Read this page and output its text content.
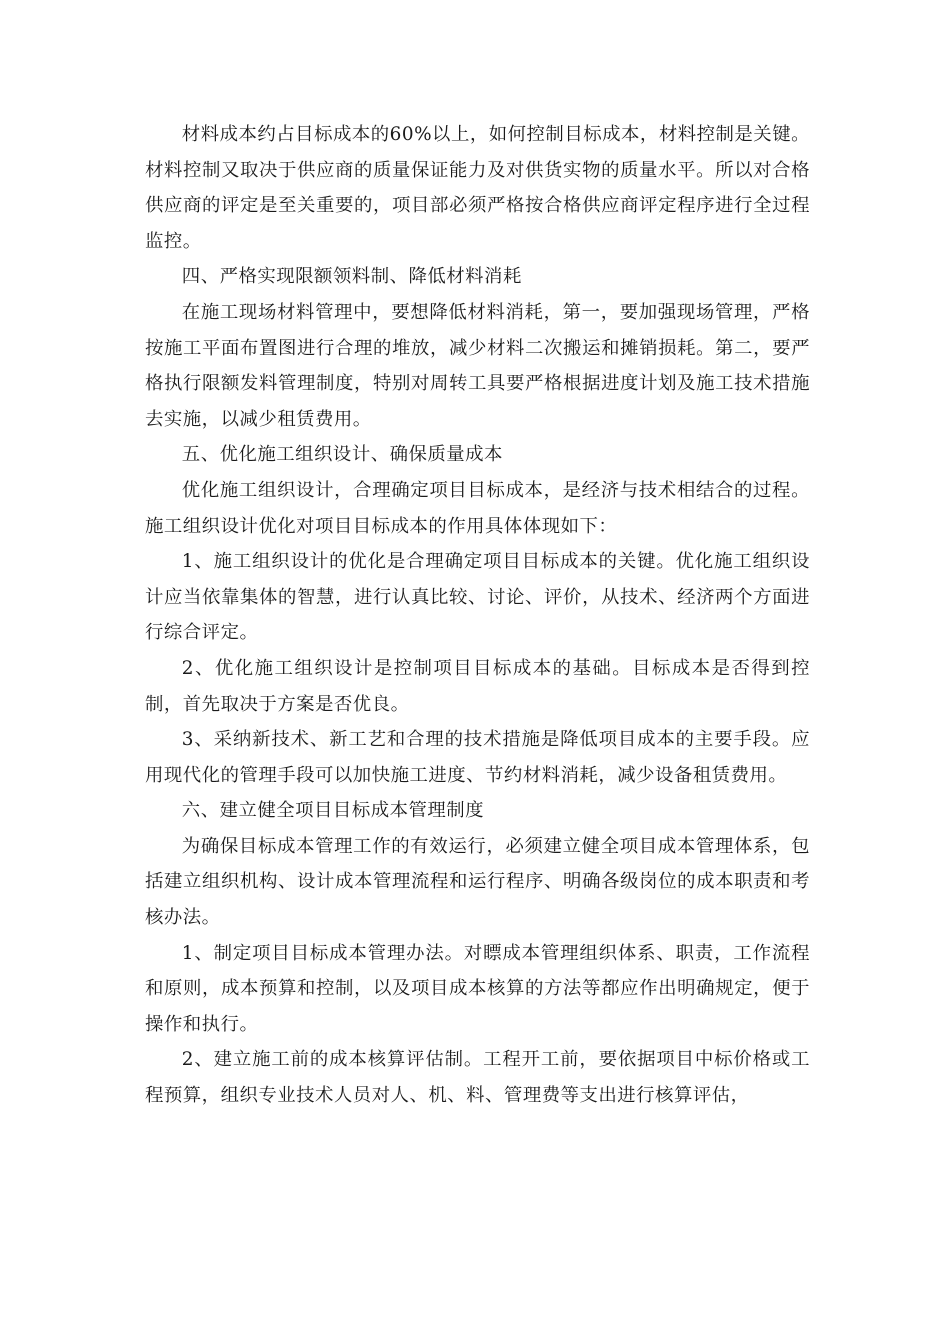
材料成本约占目标成本的60%以上，如何控制目标成本，材料控制是关键。材料控制又取决于供应商的质量保证能力及对供货实物的质量水平。所以对合格供应商的评定是至关重要的，项目部必须严格按合格供应商评定程序进行全过程监控。

四、严格实现限额领料制、降低材料消耗

在施工现场材料管理中，要想降低材料消耗，第一，要加强现场管理，严格按施工平面布置图进行合理的堆放，减少材料二次搬运和摊销损耗。第二，要严格执行限额发料管理制度，特别对周转工具要严格根据进度计划及施工技术措施去实施，以减少租赁费用。

五、优化施工组织设计、确保质量成本

优化施工组织设计，合理确定项目目标成本，是经济与技术相结合的过程。施工组织设计优化对项目目标成本的作用具体体现如下：

1、施工组织设计的优化是合理确定项目目标成本的关键。优化施工组织设计应当依靠集体的智慧，进行认真比较、讨论、评价，从技术、经济两个方面进行综合评定。

2、优化施工组织设计是控制项目目标成本的基础。目标成本是否得到控制，首先取决于方案是否优良。

3、采纳新技术、新工艺和合理的技术措施是降低项目成本的主要手段。应用现代化的管理手段可以加快施工进度、节约材料消耗，减少设备租赁费用。

六、建立健全项目目标成本管理制度

为确保目标成本管理工作的有效运行，必须建立健全项目成本管理体系，包括建立组织机构、设计成本管理流程和运行程序、明确各级岗位的成本职责和考核办法。

1、制定项目目标成本管理办法。对瞟成本管理组织体系、职责，工作流程和原则，成本预算和控制，以及项目成本核算的方法等都应作出明确规定，便于操作和执行。

2、建立施工前的成本核算评估制。工程开工前，要依据项目中标价格或工程预算，组织专业技术人员对人、机、料、管理费等支出进行核算评估，
